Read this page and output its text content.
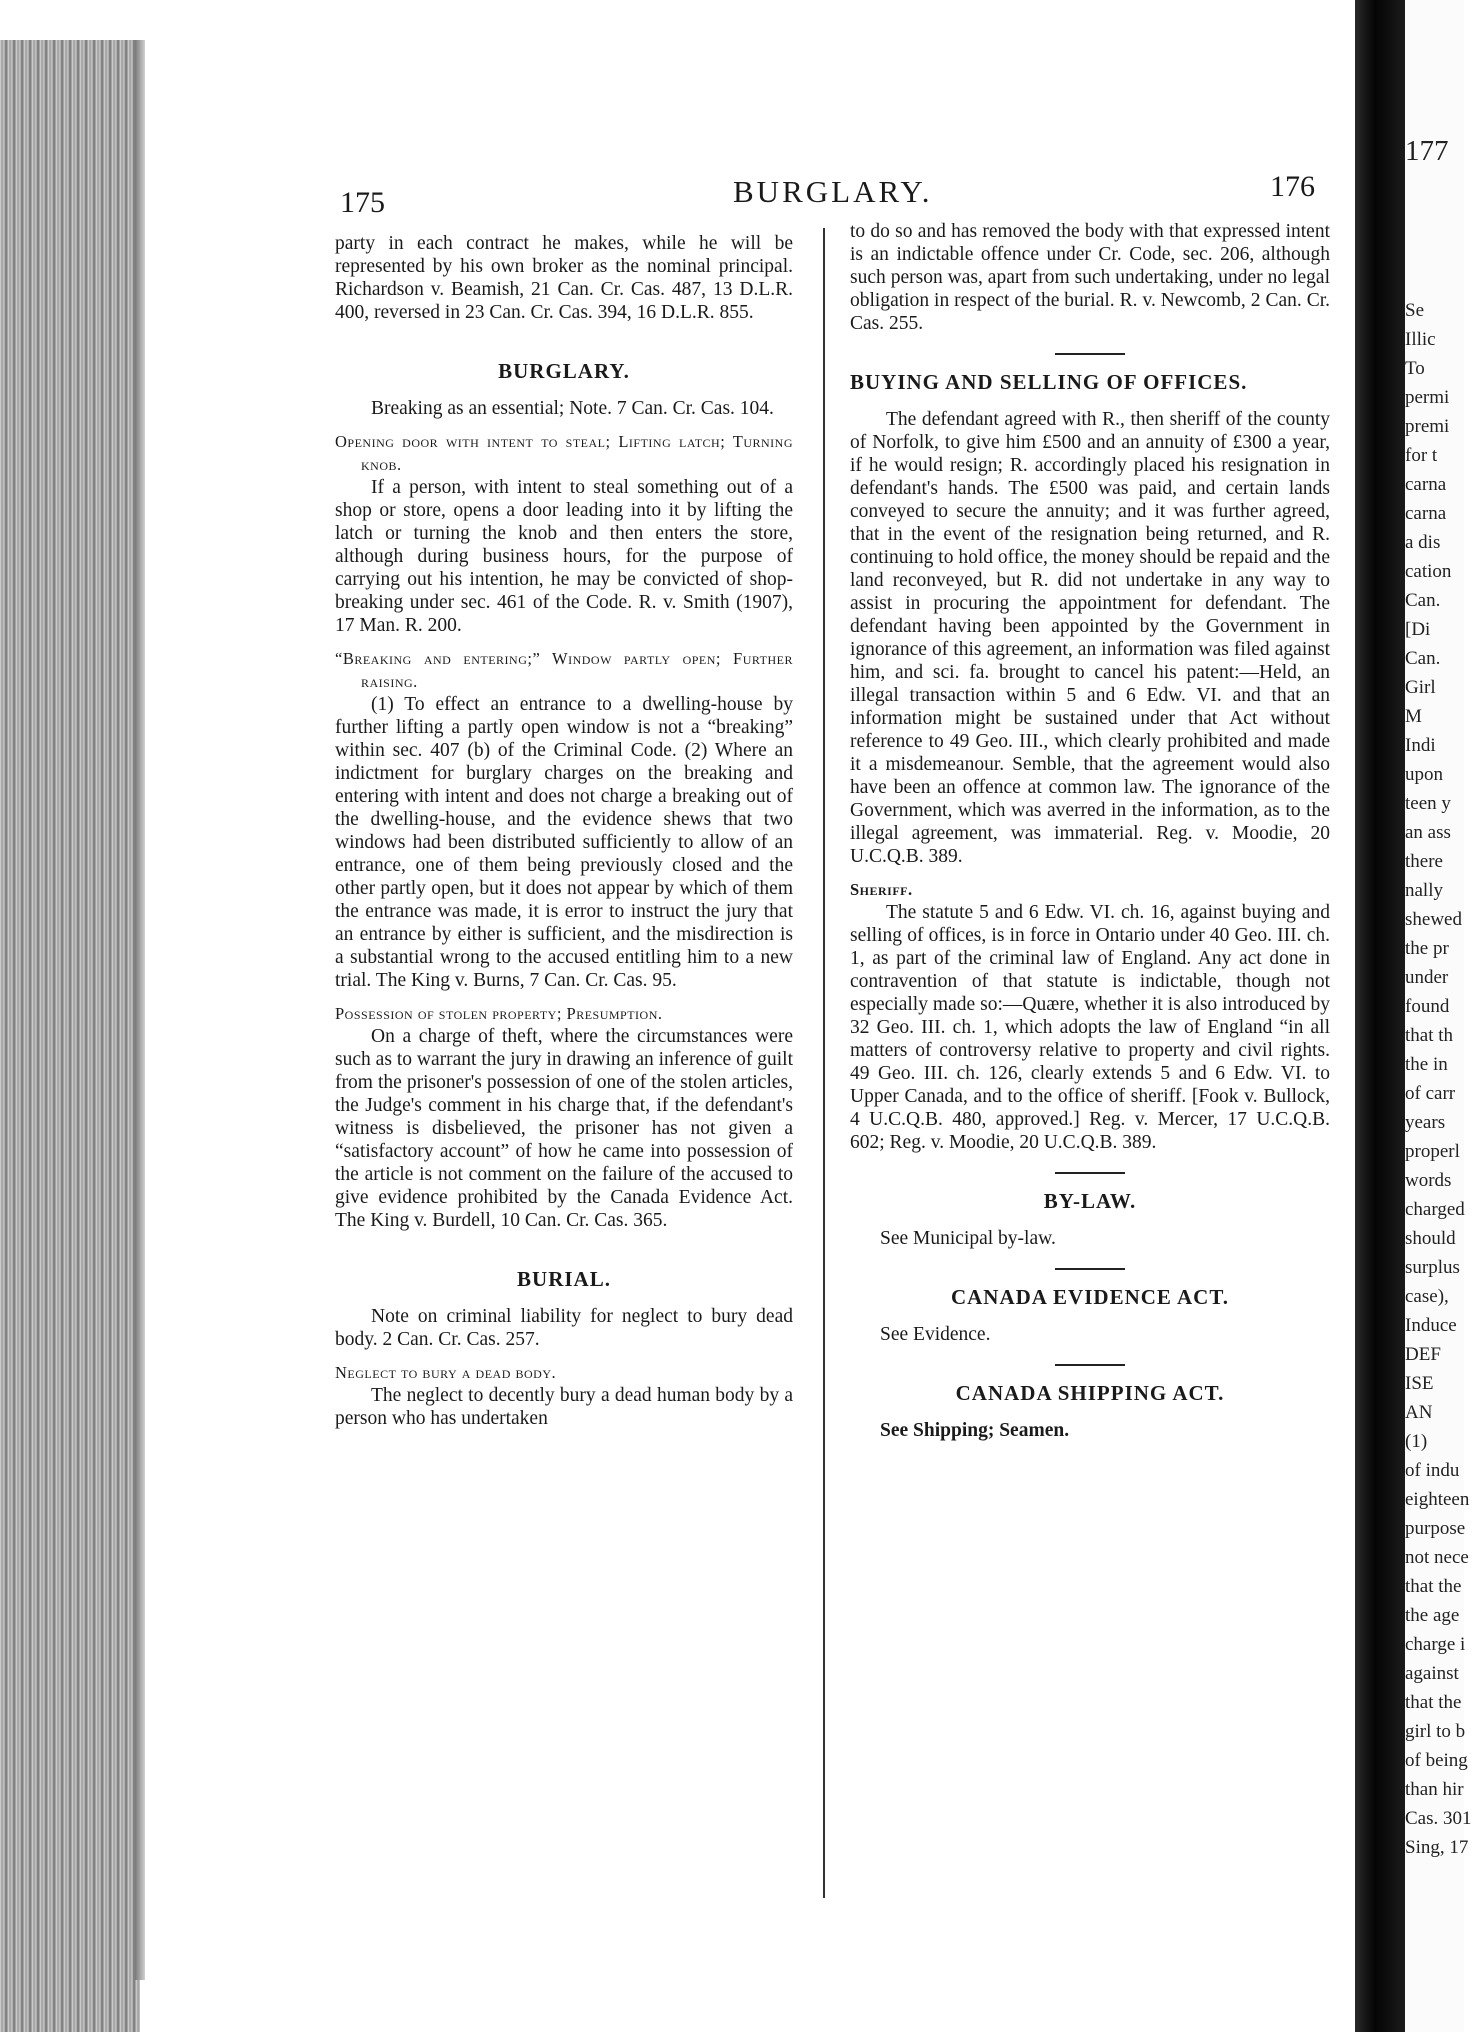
177
Se
Illic
To
permi
premi
for t
carna
carna
a dis
cation
Can.
[Di
Can.
Girl
M
Indi
upon
teen y
an ass
there
nally
shewed
the pr
under
found
that th
the in
of carr
years
properl
words
charged
should
surplus
case),
Induce
DEF
ISE
AN
(1)
of indu
eighteen
purpose
not nece
that the
the age
charge i
against
that the
girl to b
of being
than hir
Cas. 301
Sing, 17
175	BURGLARY.	176

party in each contract he makes, while he will be represented by his own broker as the nominal principal. Richardson v. Beamish, 21 Can. Cr. Cas. 487, 13 D.L.R. 400, reversed in 23 Can. Cr. Cas. 394, 16 D.L.R. 855.

BURGLARY.

Breaking as an essential; Note. 7 Can. Cr. Cas. 104.

Opening door with intent to steal; Lifting latch; Turning knob.

If a person, with intent to steal something out of a shop or store, opens a door leading into it by lifting the latch or turning the knob and then enters the store, although during business hours, for the purpose of carrying out his intention, he may be convicted of shop-breaking under sec. 461 of the Code. R. v. Smith (1907), 17 Man. R. 200.

“Breaking and entering;” Window partly open; Further raising.

(1) To effect an entrance to a dwelling-house by further lifting a partly open window is not a “breaking” within sec. 407 (b) of the Criminal Code. (2) Where an indictment for burglary charges on the breaking and entering with intent and does not charge a breaking out of the dwelling-house, and the evidence shews that two windows had been distributed sufficiently to allow of an entrance, one of them being previously closed and the other partly open, but it does not appear by which of them the entrance was made, it is error to instruct the jury that an entrance by either is sufficient, and the misdirection is a substantial wrong to the accused entitling him to a new trial. The King v. Burns, 7 Can. Cr. Cas. 95.

Possession of stolen property; Presumption.

On a charge of theft, where the circumstances were such as to warrant the jury in drawing an inference of guilt from the prisoner's possession of one of the stolen articles, the Judge's comment in his charge that, if the defendant's witness is disbelieved, the prisoner has not given a “satisfactory account” of how he came into possession of the article is not comment on the failure of the accused to give evidence prohibited by the Canada Evidence Act. The King v. Burdell, 10 Can. Cr. Cas. 365.

BURIAL.

Note on criminal liability for neglect to bury dead body. 2 Can. Cr. Cas. 257.

Neglect to bury a dead body.

The neglect to decently bury a dead human body by a person who has undertaken

to do so and has removed the body with that expressed intent is an indictable offence under Cr. Code, sec. 206, although such person was, apart from such undertaking, under no legal obligation in respect of the burial. R. v. Newcomb, 2 Can. Cr. Cas. 255.

BUYING AND SELLING OF OFFICES.

The defendant agreed with R., then sheriff of the county of Norfolk, to give him £500 and an annuity of £300 a year, if he would resign; R. accordingly placed his resignation in defendant's hands. The £500 was paid, and certain lands conveyed to secure the annuity; and it was further agreed, that in the event of the resignation being returned, and R. continuing to hold office, the money should be repaid and the land reconveyed, but R. did not undertake in any way to assist in procuring the appointment for defendant. The defendant having been appointed by the Government in ignorance of this agreement, an information was filed against him, and sci. fa. brought to cancel his patent:—Held, an illegal transaction within 5 and 6 Edw. VI. and that an information might be sustained under that Act without reference to 49 Geo. III., which clearly prohibited and made it a misdemeanour. Semble, that the agreement would also have been an offence at common law. The ignorance of the Government, which was averred in the information, as to the illegal agreement, was immaterial. Reg. v. Moodie, 20 U.C.Q.B. 389.

Sheriff.

The statute 5 and 6 Edw. VI. ch. 16, against buying and selling of offices, is in force in Ontario under 40 Geo. III. ch. 1, as part of the criminal law of England. Any act done in contravention of that statute is indictable, though not especially made so:—Quære, whether it is also introduced by 32 Geo. III. ch. 1, which adopts the law of England “in all matters of controversy relative to property and civil rights. 49 Geo. III. ch. 126, clearly extends 5 and 6 Edw. VI. to Upper Canada, and to the office of sheriff. [Fook v. Bullock, 4 U.C.Q.B. 480, approved.] Reg. v. Mercer, 17 U.C.Q.B. 602; Reg. v. Moodie, 20 U.C.Q.B. 389.

BY-LAW.

See Municipal by-law.

CANADA EVIDENCE ACT.

See Evidence.

CANADA SHIPPING ACT.

See Shipping; Seamen.
